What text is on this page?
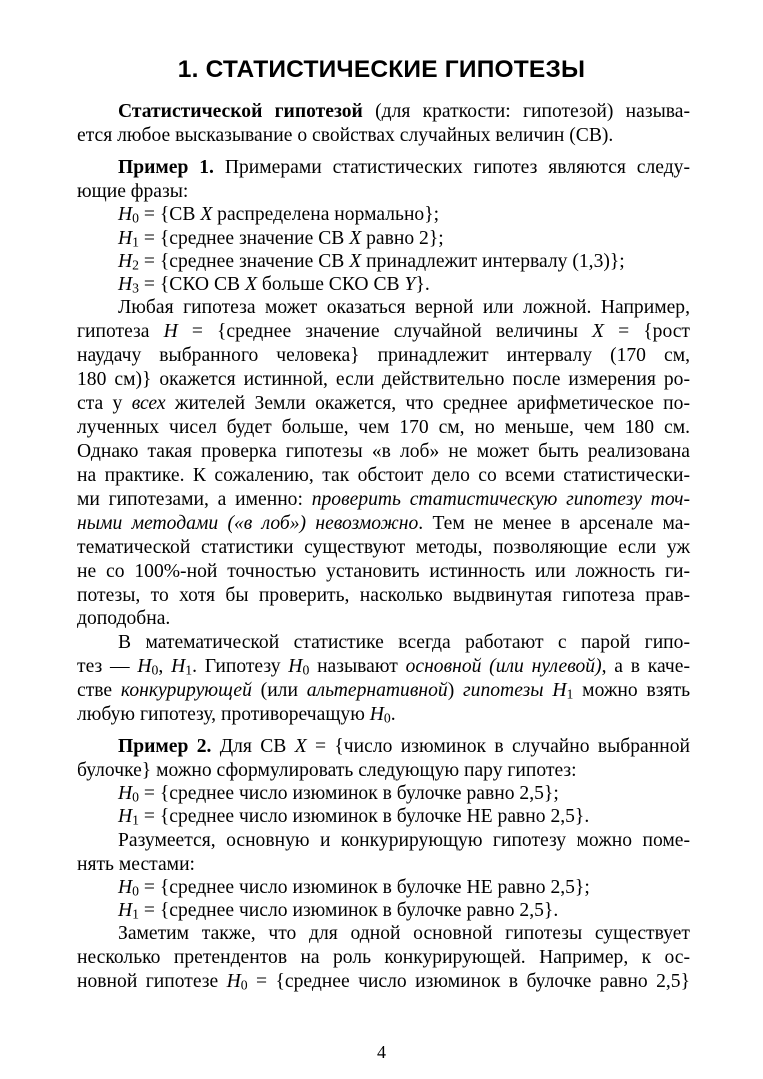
1. СТАТИСТИЧЕСКИЕ ГИПОТЕЗЫ
Статистической гипотезой (для краткости: гипотезой) называ-
ется любое высказывание о свойствах случайных величин (СВ).
Пример 1. Примерами статистических гипотез являются следу-
ющие фразы:
$H_0 = \{СВ$ X распределена нормально};
$H_1$ = {среднее значение СВ X равно 2};
$H_2$ = {среднее значение СВ X принадлежит интервалу (1,3)};
$H_3 = \{СКО$ СВ X больше СКО СВ Y}.
Любая гипотеза может оказаться верной или ложной. Например,
гипотеза H = {среднее значение случайной величины X = {рост
наудачу выбранного человека} принадлежит интервалу (170 см,
180 см)} окажется истинной, если действительно после измерения ро-
ста у всех жителей Земли окажется, что среднее арифметическое по-
лученных чисел будет больше, чем 170 см, но меньше, чем 180 см.
Однако такая проверка гипотезы «в лоб» не может быть реализована
на практике. К сожалению, так обстоит дело со всеми статистически-
ми гипотезами, а именно: проверить статистическую гипотезу точ-
ными методами («в лоб») невозможно. Тем не менее в арсенале ма-
тематической статистики существуют методы, позволяющие если уж
не со 100%-ной точностью установить истинность или ложность ги-
потезы, то хотя бы проверить, насколько выдвинутая гипотеза прав-
доподобна.
В математической статистике всегда работают с парой гипо-
тез — $H_0$, $H_1$. Гипотезу $H_0$ называют основной (или нулевой), а в каче-
стве конкурирующей (или альтернативной) гипотезы $H_1$ можно взять
любую гипотезу, противоречащую $H_0$.
Пример 2. Для СВ X = {число изюминок в случайно выбранной
булочке} можно сформулировать следующую пару гипотез:
$H_0$ = {среднее число изюминок в булочке равно 2,5};
$H_1$ = {среднее число изюминок в булочке НЕ равно 2,5}.
Разумеется, основную и конкурирующую гипотезу можно поме-
нять местами:
$H_0$ = {среднее число изюминок в булочке НЕ равно 2,5};
$H_1$ = {среднее число изюминок в булочке равно 2,5}.
Заметим также, что для одной основной гипотезы существует
несколько претендентов на роль конкурирующей. Например, к ос-
новной гипотезе $H_0$ = {среднее число изюминок в булочке равно 2,5}
4
